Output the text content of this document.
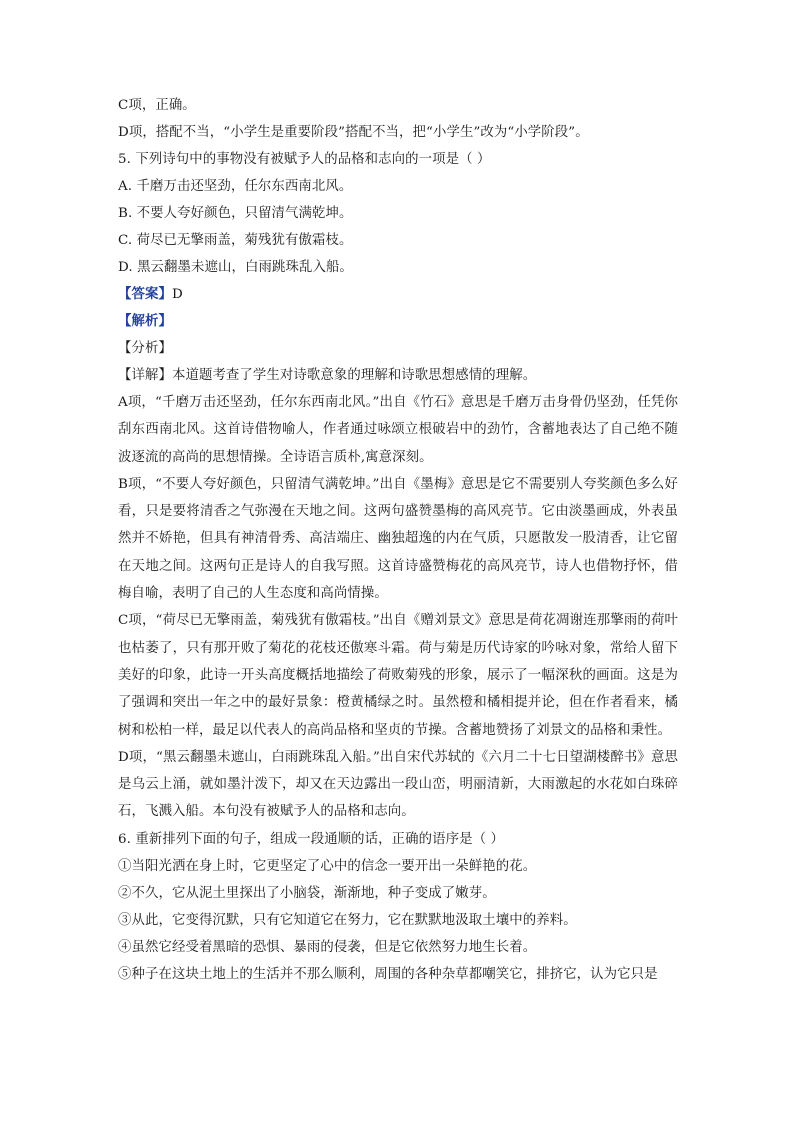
C项，正确。
D项，搭配不当，“小学生是重要阶段”搭配不当，把“小学生”改为“小学阶段”。
5. 下列诗句中的事物没有被赋予人的品格和志向的一项是（ ）
A. 千磨万击还坚劲，任尔东西南北风。
B. 不要人夸好颜色，只留清气满乾坤。
C. 荷尽已无擎雨盖，菊残犹有傲霜枝。
D. 黑云翻墨未遮山，白雨跳珠乱入船。
【答案】D
【解析】
【分析】
【详解】本道题考查了学生对诗歌意象的理解和诗歌思想感情的理解。
A项，“千磨万击还坚劲，任尔东西南北风。”出自《竹石》意思是千磨万击身骨仍坚劲，任凭你刮东西南北风。这首诗借物喻人，作者通过咏颂立根破岩中的劲竹，含蓄地表达了自己绝不随波逐流的高尚的思想情操。全诗语言质朴,寓意深刻。
B项，“不要人夸好颜色，只留清气满乾坤。”出自《墨梅》意思是它不需要别人夸奖颜色多么好看，只是要将清香之气弥漫在天地之间。这两句盛赞墨梅的高风亮节。它由淡墨画成，外表虽然并不娇艳，但具有神清骨秀、高洁端庄、幽独超逸的内在气质，只愿散发一股清香，让它留在天地之间。这两句正是诗人的自我写照。这首诗盛赞梅花的高风亮节，诗人也借物抒怀，借梅自喻，表明了自己的人生态度和高尚情操。
C项，“荷尽已无擎雨盖，菊残犹有傲霜枝。”出自《赠刘景文》意思是荷花凋谢连那擎雨的荷叶也枯萎了，只有那开败了菊花的花枝还傲寒斗霜。荷与菊是历代诗家的吟咏对象，常给人留下美好的印象，此诗一开头高度概括地描绘了荷败菊残的形象，展示了一幅深秋的画面。这是为了强调和突出一年之中的最好景象：橙黄橘绿之时。虽然橙和橘相提并论，但在作者看来，橘树和松柏一样，最足以代表人的高尚品格和坚贞的节操。含蓄地赞扬了刘景文的品格和秉性。
D项，“黑云翻墨未遮山，白雨跳珠乱入船。”出自宋代苏轼的《六月二十七日望湖楼醉书》意思是乌云上涌，就如墨汁泼下，却又在天边露出一段山峦，明丽清新，大雨激起的水花如白珠碎石，飞溅入船。本句没有被赋予人的品格和志向。
6. 重新排列下面的句子，组成一段通顺的话，正确的语序是（ ）
①当阳光洒在身上时，它更坚定了心中的信念一要开出一朵鲜艳的花。
②不久，它从泥土里探出了小脑袋，渐渐地，种子变成了嫩芽。
③从此，它变得沉默，只有它知道它在努力，它在默默地汲取土壤中的养料。
④虽然它经受着黑暗的恐惧、暴雨的侵袭，但是它依然努力地生长着。
⑤种子在这块土地上的生活并不那么顺利，周围的各种杂草都嘲笑它，排挤它，认为它只是
